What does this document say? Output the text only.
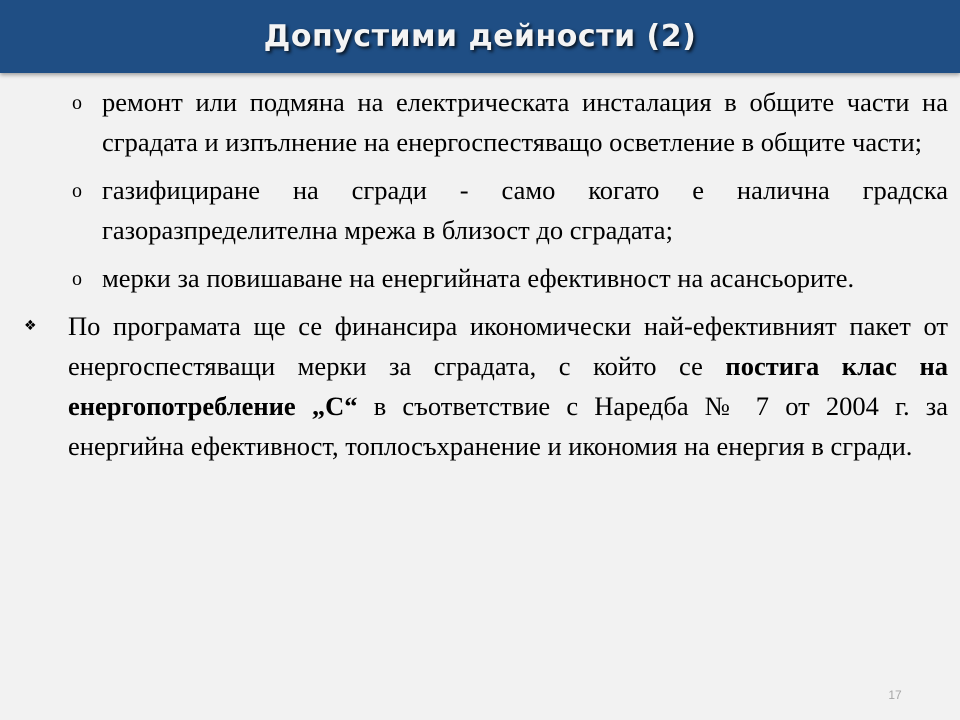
Допустими дейности (2)
o ремонт или подмяна на електрическата инсталация в общите части на сградата и изпълнение на енергоспестяващо осветление в общите части;
o газифициране на сгради - само когато е налична градска газоразпределителна мрежа в близост до сградата;
o мерки за повишаване на енергийната ефективност на асансьорите.
❖ По програмата ще се финансира икономически най-ефективният пакет от енергоспестяващи мерки за сградата, с който се постига клас на енергопотребление „С“ в съответствие с Наредба № 7 от 2004 г. за енергийна ефективност, топлосъхранение и икономия на енергия в сгради.
17
